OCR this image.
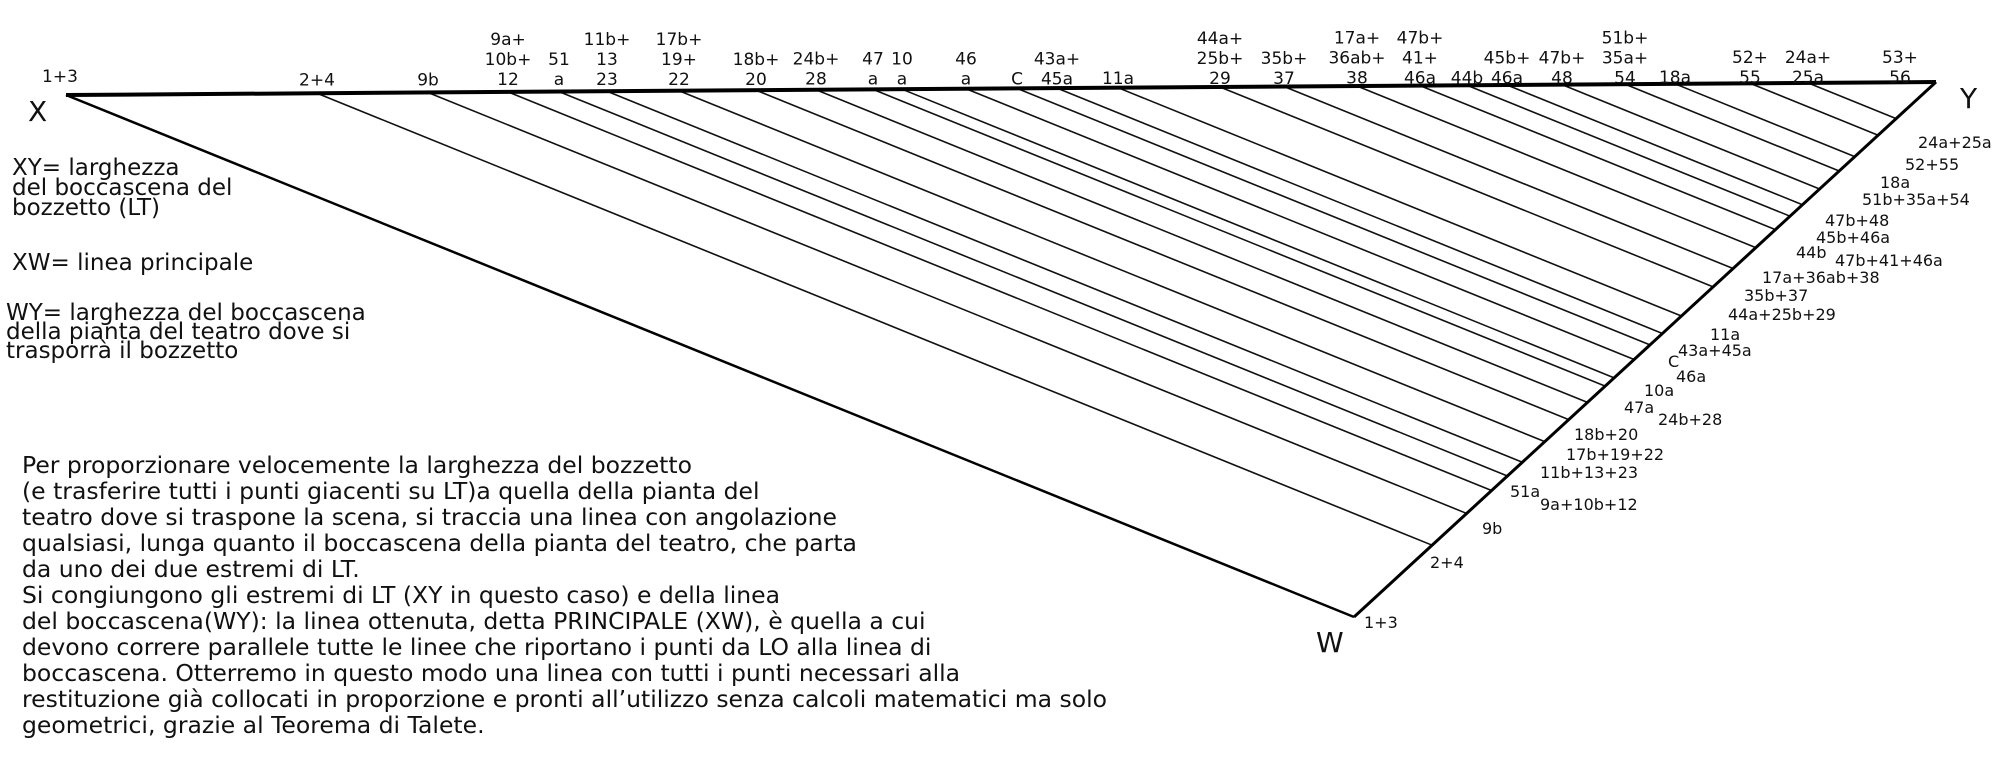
1+3	2+4	9b
9a+ 10b+ 12
51 a
11b+ 13 23
17b+ 19+ 22
18b+ 20
24b+ 28
47 a
10 a
46 a	C
43a+ 45a	11a
44a+ 25b+ 29
35b+ 37
17a+ 36ab+ 38
47b+ 41+ 46a 44b
45b+ 46a
47b+ 48
51b+ 35a+ 54	18a
52+ 55
24a+ 25a
53+ 56
24a+25a
52+55
18a
51b+35a+54
47b+48
45b+46a
44b 47b+41+46a
17a+36ab+38
35b+37
44a+25b+29
11a
C
43a+45a
46a
10a
47a
24b+28
18b+20
17b+19+22
11b+13+23
51a
9a+10b+12
9b
2+4
1+3
X	Y
W
XY= larghezza del boccascena del bozzetto (LT)
XW= linea principale
WY= larghezza del boccascena della pianta del teatro dove si trasporrà il bozzetto
Per proporzionare velocemente la larghezza del bozzetto
(e trasferire tutti i punti giacenti su LT)a quella della pianta del
teatro dove si traspone la scena, si traccia una linea con angolazione
qualsiasi, lunga quanto il boccascena della pianta del teatro, che parta
da uno dei due estremi di LT.
Si congiungono gli estremi di LT (XY in questo caso) e della linea
del boccascena(WY): la linea ottenuta, detta PRINCIPALE (XW), è quella a cui
devono correre parallele tutte le linee che riportano i punti da LO alla linea di
boccascena. Otterremo in questo modo una linea con tutti i punti necessari alla
restituzione già collocati in proporzione e pronti all’utilizzo senza calcoli matematici ma solo
geometrici, grazie al Teorema di Talete.
